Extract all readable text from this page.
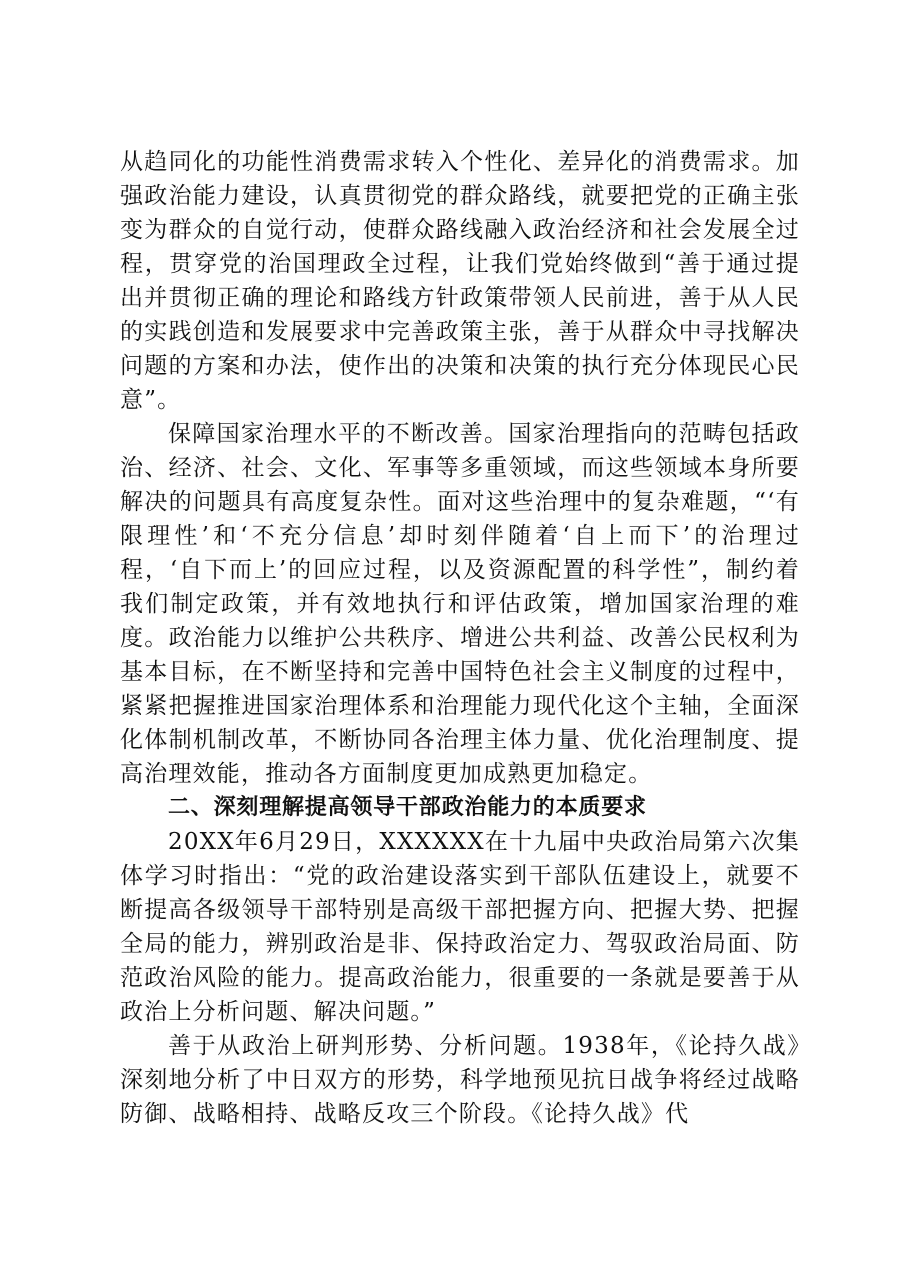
从趋同化的功能性消费需求转入个性化、差异化的消费需求。加强政治能力建设，认真贯彻党的群众路线，就要把党的正确主张变为群众的自觉行动，使群众路线融入政治经济和社会发展全过程，贯穿党的治国理政全过程，让我们党始终做到“善于通过提出并贯彻正确的理论和路线方针政策带领人民前进，善于从人民的实践创造和发展要求中完善政策主张，善于从群众中寻找解决问题的方案和办法，使作出的决策和决策的执行充分体现民心民意”。

保障国家治理水平的不断改善。国家治理指向的范畴包括政治、经济、社会、文化、军事等多重领域，而这些领域本身所要解决的问题具有高度复杂性。面对这些治理中的复杂难题，“‘有限理性’和‘不充分信息’却时刻伴随着‘自上而下’的治理过程，‘自下而上’的回应过程，以及资源配置的科学性”，制约着我们制定政策，并有效地执行和评估政策，增加国家治理的难度。政治能力以维护公共秩序、增进公共利益、改善公民权利为基本目标，在不断坚持和完善中国特色社会主义制度的过程中，紧紧把握推进国家治理体系和治理能力现代化这个主轴，全面深化体制机制改革，不断协同各治理主体力量、优化治理制度、提高治理效能，推动各方面制度更加成熟更加稳定。

二、深刻理解提高领导干部政治能力的本质要求

20XX年6月29日，XXXXXX在十九届中央政治局第六次集体学习时指出：“党的政治建设落实到干部队伍建设上，就要不断提高各级领导干部特别是高级干部把握方向、把握大势、把握全局的能力，辨别政治是非、保持政治定力、驾驭政治局面、防范政治风险的能力。提高政治能力，很重要的一条就是要善于从政治上分析问题、解决问题。”

善于从政治上研判形势、分析问题。1938年，《论持久战》深刻地分析了中日双方的形势，科学地预见抗日战争将经过战略防御、战略相持、战略反攻三个阶段。《论持久战》代
